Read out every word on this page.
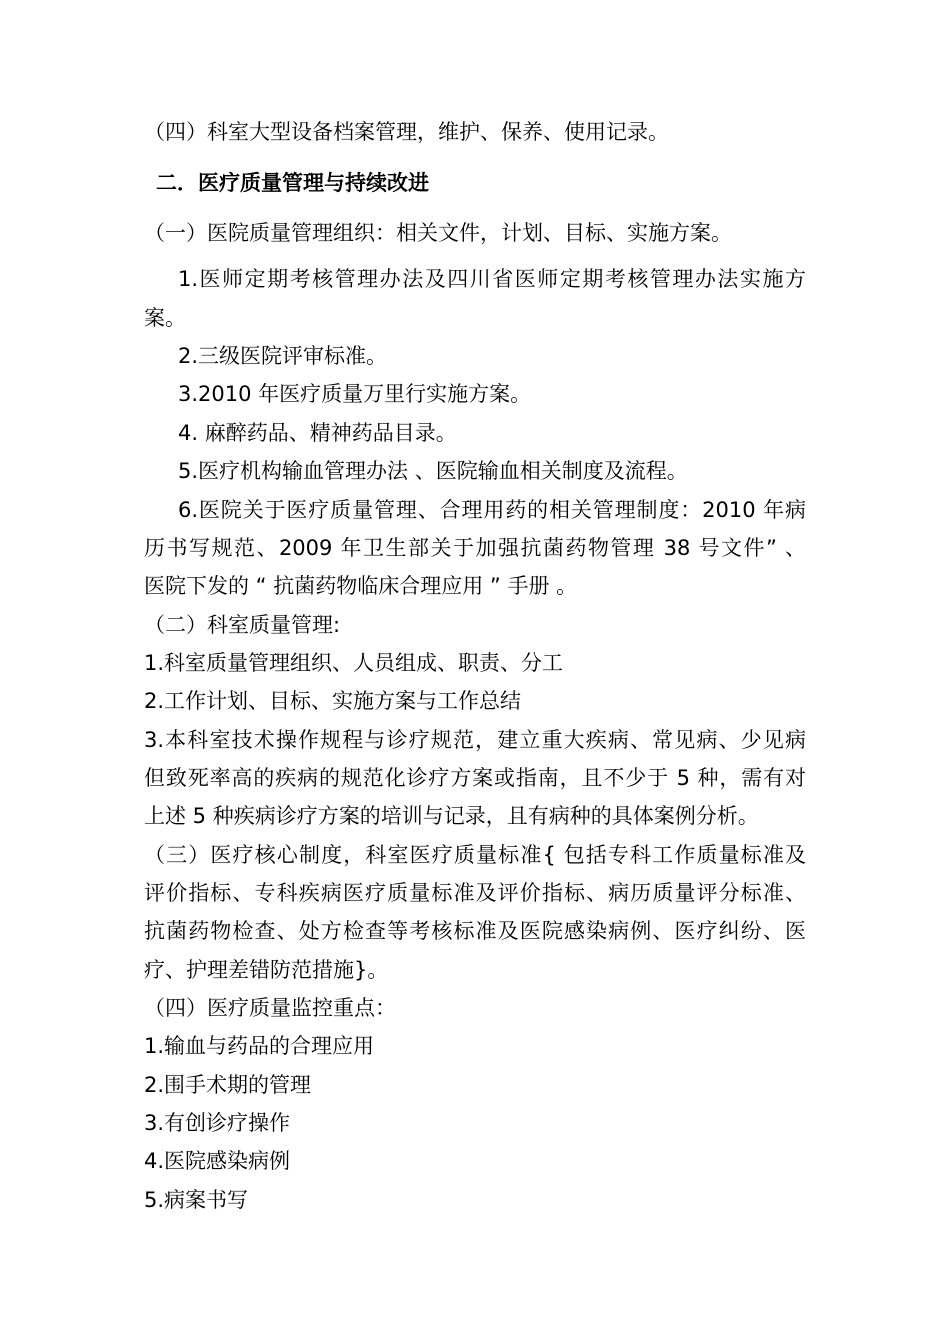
（四）科室大型设备档案管理，维护、保养、使用记录。
二．医疗质量管理与持续改进
（一）医院质量管理组织：相关文件，计划、目标、实施方案。
1.医师定期考核管理办法及四川省医师定期考核管理办法实施方
案。
2.三级医院评审标准。
3.2010 年医疗质量万里行实施方案。
4. 麻醉药品、精神药品目录。
5.医疗机构输血管理办法 、医院输血相关制度及流程。
6.医院关于医疗质量管理、合理用药的相关管理制度：2010 年病
历书写规范、2009 年卫生部关于加强抗菌药物管理 38 号文件” 、
医院下发的 “ 抗菌药物临床合理应用 ” 手册 。
（二）科室质量管理:
1.科室质量管理组织、人员组成、职责、分工
2.工作计划、目标、实施方案与工作总结
3.本科室技术操作规程与诊疗规范，建立重大疾病、常见病、少见病
但致死率高的疾病的规范化诊疗方案或指南，且不少于 5 种，需有对
上述 5 种疾病诊疗方案的培训与记录，且有病种的具体案例分析。
（三）医疗核心制度，科室医疗质量标准{ 包括专科工作质量标准及
评价指标、专科疾病医疗质量标准及评价指标、病历质量评分标准、
抗菌药物检查、处方检查等考核标准及医院感染病例、医疗纠纷、医
疗、护理差错防范措施}。
（四）医疗质量监控重点：
1.输血与药品的合理应用
2.围手术期的管理
3.有创诊疗操作
4.医院感染病例
5.病案书写
